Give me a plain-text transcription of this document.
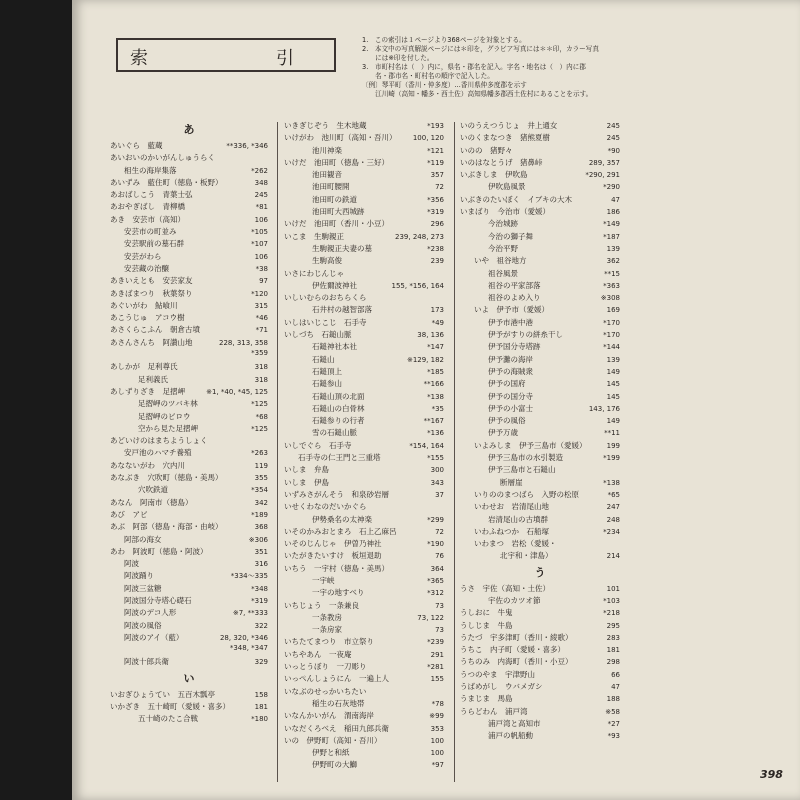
索	引
1.　この索引は１ページより368ページを対象とする。
2.　本文中の写真解説ページには＊印を，グラビア写真には＊＊印，カラー写真
　　には※印を付した。
3.　市町村名は（　）内に，県名・郡名を記入。字名・地名は（　）内に郡
　　名・郡市名・町村名の順序で記入した。
〔例〕琴平町（香川・仲多度）…香川県仲多度郡を示す
　　江川崎（高知・幡多・西土佐）高知県幡多郡西土佐村にあることを示す。
あ
あいぐら　藍蔵	**336, *346
あいおいのかいがんしゅうらく
相生の海岸集落	*262
あいずみ　藍住町（徳島・板野）	348
あおばしこう　青葉士弘	245
あおやぎばし　青柳橋	*81
あき　安芸市（高知）	106
安芸市の町並み	*105
安芸駅前の墓石群	*107
安芸がわら	106
安芸藏の治醸	*38
あきいえとも　安芸家友	97
あきばまつり　秋葉祭り	*120
あぐいがわ　鮎喰川	315
あこうじゅ　アコウ樹	*46
あさくらこふん　朝倉古墳	*71
あさんさんち　阿讃山地	228, 313, 358
*359
あしかが　足利尊氏	318
足利義氏	318
あしずりざき　足摺岬	※1, *40, *45, 125
足摺岬のツバキ林	*125
足摺岬のビロウ	*68
空から見た足摺岬	*125
あどいけのはまちようしょく
安戸池のハマチ養殖	*263
あなないがわ　穴内川	119
あなぶき　穴吹町（徳島・美馬）	355
穴吹鉄道	*354
あなん　阿南市（徳島）	342
あび　アビ	*189
あぶ　阿部（徳島・海部・由岐）	368
阿部の海女	※306
あわ　阿波町（徳島・阿波）	351
阿波	316
阿波踊り	*334～335
阿波三盆糖	*348
阿波国分寺塔心礎石	*319
阿波のデコ人形	※7, **333
阿波の風俗	322
阿波のアイ（藍）	28, 320, *346
*348, *347
阿波十郎兵衛	329
い
いおぎひょうてい　五百木瓢亭	158
いかざき　五十崎町（愛媛・喜多）	181
五十崎のたこ合戦	*180
いきぎじぞう　生木地蔵	*193
いけがわ　池川町（高知・吾川） 100, 120
池川神楽	*121
いけだ　池田町（徳島・三好）	*119
池田観音	357
池田町腰開	72
池田町の鉄道	*356
池田町大西城跡	*319
いけだ　池田町（香川・小豆）	296
いこま　生駒親正	239, 248, 273
生駒親正夫妻の墓	*238
生駒高俊	239
いさにわじんじゃ
伊佐爾波神社	155, *156, 164
いしいむらのおちらくら
石井村の越智部落	173
いしはいじこじ　石手寺	*49
いしづち　石鎚山脈	38, 136
石鎚神社本社	*147
石鎚山	※129, 182
石鎚頂上	*185
石鎚参山	**166
石鎚山頂の北面	*138
石鎚山の白骨林	*35
石鎚参りの行者	**167
雪の石鎚山脈	*136
いしでぐら　石手寺	*154, 164
石手寺の仁王門と三重塔	*155
いしま　弁島	300
いしま　伊島	343
いずみさがんそう　和泉砂岩層	37
いせくわなのだいかぐら
伊勢桑名の太神楽	*299
いそのかみおとまろ　石上乙麻呂	72
いそのじんじゃ　伊曽乃神社	*190
いたがきたいすけ　板垣退助	76
いちう　一宇村（徳島・美馬）	364
一宇峡	*365
一宇の地すべり	*312
いちじょう　一条兼良	73
一条教房	73, 122
一条房家	73
いちたてまつり　市立祭り	*239
いちやあん　一夜庵	291
いっとうぼり　一刀彫り	*281
いっぺんしょうにん　一遍上人	155
いなぶのせっかいちたい
稲生の石灰地帯	*78
いなんかいがん　渭南海岸	※99
いなだくろべえ　稲田九郎兵衛	353
いの　伊野町（高知・吾川）	100
伊野と和紙	100
伊野町の大鰤	*97
いのうえつうじょ　井上通女	245
いのくまなつき　猪熊夏樹	245
いのの　猪野々	*90
いのはなとうげ　猪鼻峠	289, 357
いぶきしま　伊吹島	*290, 291
伊吹島風景	*290
いぶきのたいぼく　イブキの大木	47
いまばり　今治市（愛媛）	186
今治城跡	*149
今治の獅子舞	*187
今治平野	139
いや　祖谷地方	362
祖谷風景	**15
祖谷の平家部落	*363
祖谷のよめ入り	※308
いよ　伊予市（愛媛）	169
伊予市港中港	*170
伊予がすりの絣糸干し	*170
伊予国分寺塔跡	*144
伊予灘の海岸	139
伊予の海賊衆	149
伊予の国府	145
伊予の国分寺	145
伊予の小富士	143, 176
伊予の風俗	149
伊予万歳	**11
いよみしま　伊予三島市（愛媛）	199
伊予三島市の水引製造	*199
伊予三島市と石鎚山
断層崖	*138
いりののまつばら　入野の松原	*65
いわせお　岩清尾山地	247
岩清尾山の古墳群	248
いわふねつか　石船塚	*234
いわまつ　岩松（愛媛・
北宇和・津島）	214
う
うさ　宇佐（高知・土佐）	101
宇佐のカツオ節	*103
うしおに　牛鬼	*218
うしじま　牛島	295
うたづ　宇多津町（香川・綾歌）	283
うちこ　内子町（愛媛・喜多）	181
うちのみ　内海町（香川・小豆）	298
うつのやま　宇津野山	66
うばめがし　ウバメガシ	47
うまじま　馬島	188
うらどわん　浦戸湾	※58
浦戸湾と高知市	*27
浦戸の帆船動	*93
398
